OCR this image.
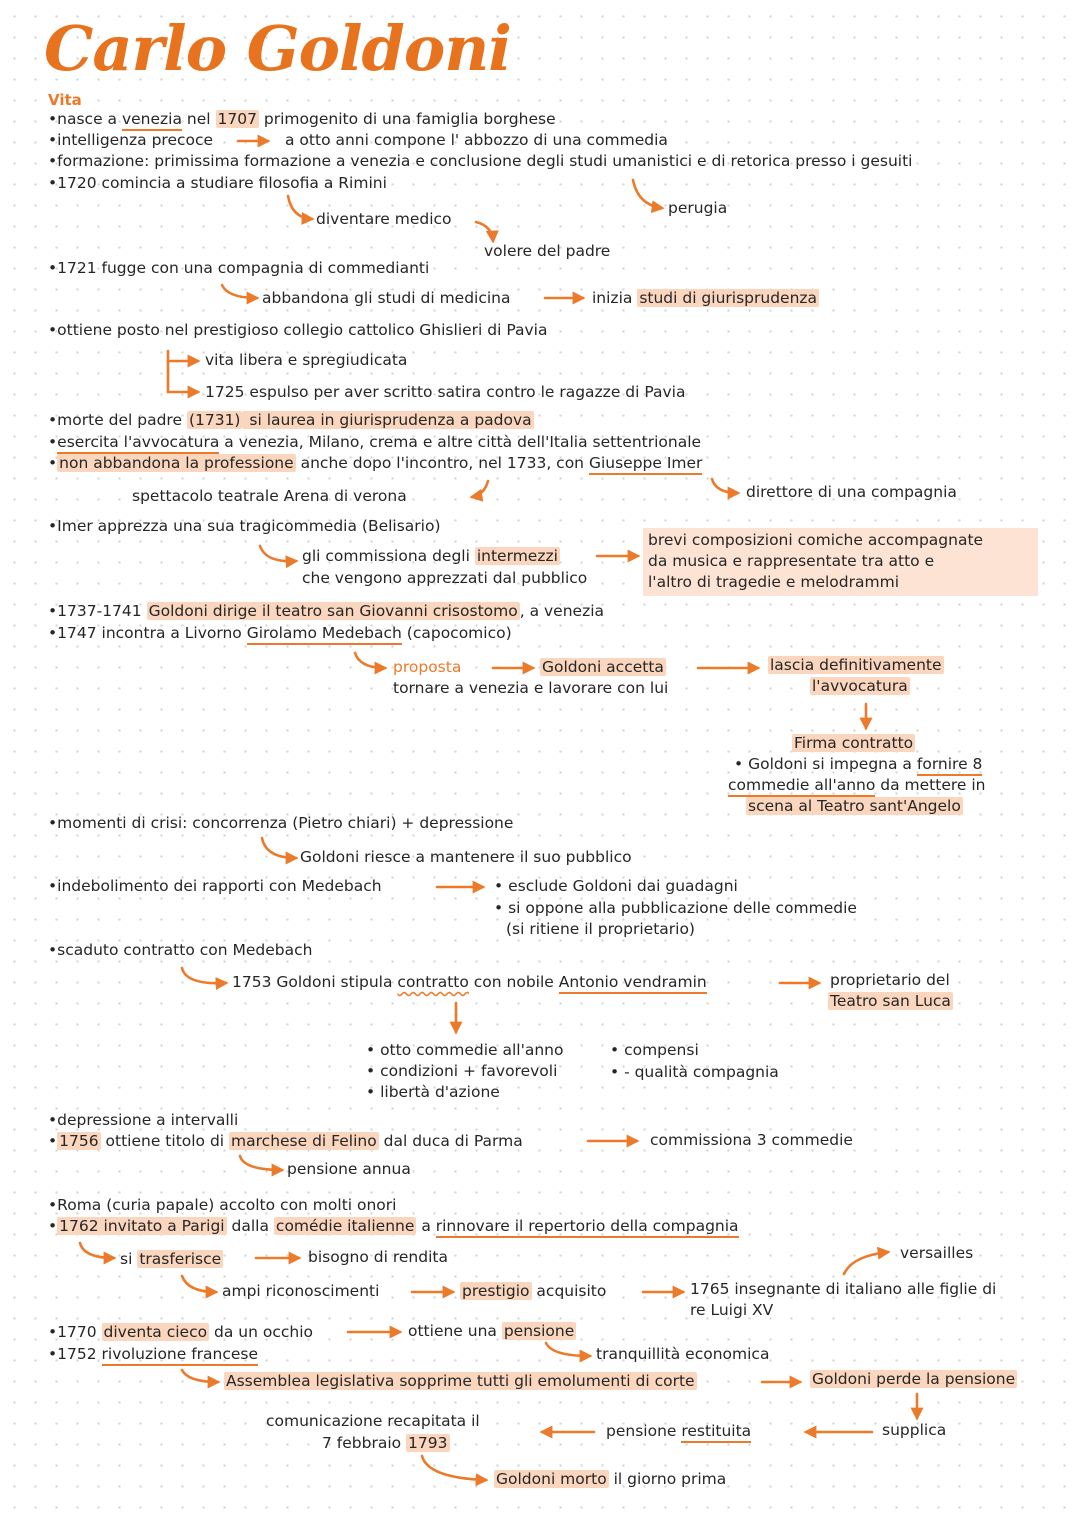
Carlo Goldoni
Vita
•nasce a venezia nel 1707 primogenito di una famiglia borghese
•intelligenza precoce	a otto anni compone l' abbozzo di una commedia
•formazione: primissima formazione a venezia e conclusione degli studi umanistici e di retorica presso i gesuiti
•1720 comincia a studiare filosofia a Rimini
perugia
diventare medico
volere del padre
•1721 fugge con una compagnia di commedianti
abbandona gli studi di medicina	inizia studi di giurisprudenza
•ottiene posto nel prestigioso collegio cattolico Ghislieri di Pavia
vita libera e spregiudicata
1725 espulso per aver scritto satira contro le ragazze di Pavia
•morte del padre (1731) si laurea in giurisprudenza a padova
•esercita l'avvocatura a venezia, Milano, crema e altre città dell'Italia settentrionale
• non abbandona la professione anche dopo l'incontro, nel 1733, con Giuseppe Imer
spettacolo teatrale Arena di verona	direttore di una compagnia
•Imer apprezza una sua tragicommedia (Belisario)
gli commissiona degli intermezzi
che vengono apprezzati dal pubblico
brevi composizioni comiche accompagnate
da musica e rappresentate tra atto e
l'altro di tragedie e melodrammi
•1737-1741 Goldoni dirige il teatro san Giovanni crisostomo , a venezia
•1747 incontra a Livorno Girolamo Medebach (capocomico)
proposta	Goldoni accetta
tornare a venezia e lavorare con lui
lascia definitivamente
l'avvocatura
Firma contratto
• Goldoni si impegna a fornire 8
commedie all'anno da mettere in
scena al Teatro sant'Angelo
•momenti di crisi: concorrenza (Pietro chiari) + depressione
Goldoni riesce a mantenere il suo pubblico
•indebolimento dei rapporti con Medebach	• esclude Goldoni dai guadagni
• si oppone alla pubblicazione delle commedie
(si ritiene il proprietario)
•scaduto contratto con Medebach
1753 Goldoni stipula contratto con nobile Antonio vendramin	proprietario del
Teatro san Luca
• otto commedie all'anno
• condizioni + favorevoli
• libertà d'azione
• compensi
• - qualità compagnia
•depressione a intervalli
• 1756 ottiene titolo di marchese di Felino dal duca di Parma	commissiona 3 commedie
pensione annua
•Roma (curia papale) accolto con molti onori
• 1762 invitato a Parigi dalla comédie italienne a rinnovare il repertorio della compagnia
si trasferisce	bisogno di rendita	versailles
ampi riconoscimenti	prestigio acquisito	1765 insegnante di italiano alle figlie di
re Luigi XV
•1770 diventa cieco da un occhio	ottiene una pensione
•1752 rivoluzione francese	tranquillità economica
Assemblea legislativa sopprime tutti gli emolumenti di corte	Goldoni perde la pensione
comunicazione recapitata il
7 febbraio 1793
pensione restituita	supplica
Goldoni morto il giorno prima
